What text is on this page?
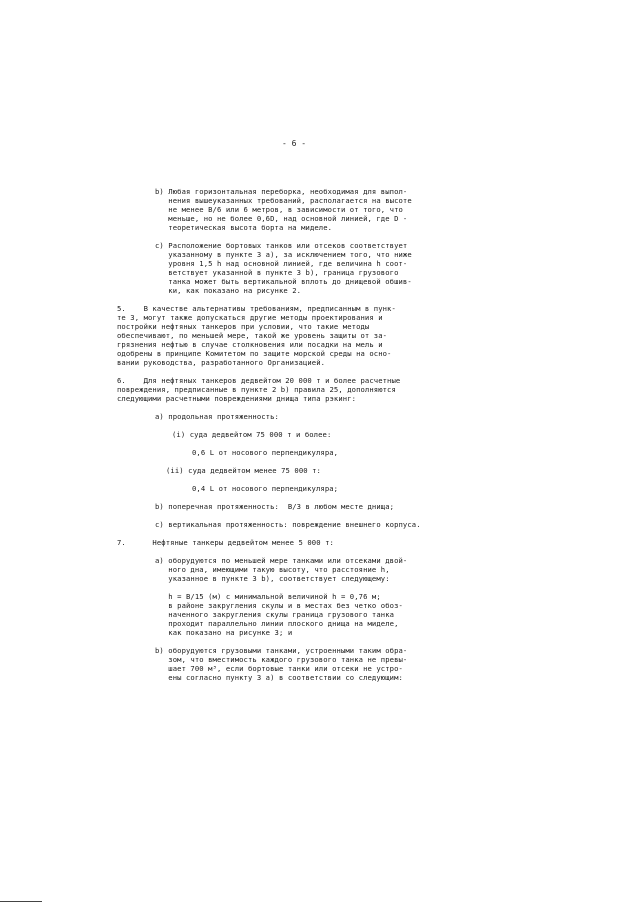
- 6 -
b) Любая горизонтальная переборка, необходимая для выпол-
нения вышеуказанных требований, располагается на высоте
не менее B/6 или 6 метров, в зависимости от того, что
меньше, но не более 0,6D, над основной линией, где D -
теоретическая высота борта на миделе.
c) Расположение бортовых танков или отсеков соответствует
указанному в пункте 3 a), за исключением того, что ниже
уровня 1,5 h над основной линией, где величина h соот-
ветствует указанной в пункте 3 b), граница грузового
танка может быть вертикальной вплоть до днищевой обшив-
ки, как показано на рисунке 2.
5.    В качестве альтернативы требованиям, предписанным в пунк-
те 3, могут также допускаться другие методы проектирования и
постройки нефтяных танкеров при условии, что такие методы
обеспечивают, по меньшей мере, такой же уровень защиты от за-
грязнения нефтью в случае столкновения или посадки на мель и
одобрены в принципе Комитетом по защите морской среды на осно-
вании руководства, разработанного Организацией.
6.    Для нефтяных танкеров дедвейтом 20 000 т и более расчетные
повреждения, предписанные в пункте 2 b) правила 25, дополняются
следующими расчетными повреждениями днища типа рэкинг:
a) продольная протяженность:
(i) суда дедвейтом 75 000 т и более:
0,6 L от носового перпендикуляра,
(ii) суда дедвейтом менее 75 000 т:
0,4 L от носового перпендикуляра;
b) поперечная протяженность:  B/3 в любом месте днища;
c) вертикальная протяженность: повреждение внешнего корпуса.
7.      Нефтяные танкеры дедвейтом менее 5 000 т:
a) оборудуются по меньшей мере танками или отсеками двой-
ного дна, имеющими такую высоту, что расстояние h,
указанное в пункте 3 b), соответствует следующему:
h = B/15 (м) с минимальной величиной h = 0,76 м;
в районе закругления скулы и в местах без четко обоз-
наченного закругления скулы граница грузового танка
проходит параллельно линии плоского днища на миделе,
как показано на рисунке 3; и
b) оборудуются грузовыми танками, устроенными таким обра-
зом, что вместимость каждого грузового танка не превы-
шает 700 м³, если бортовые танки или отсеки не устро-
ены согласно пункту 3 a) в соответствии со следующим:
